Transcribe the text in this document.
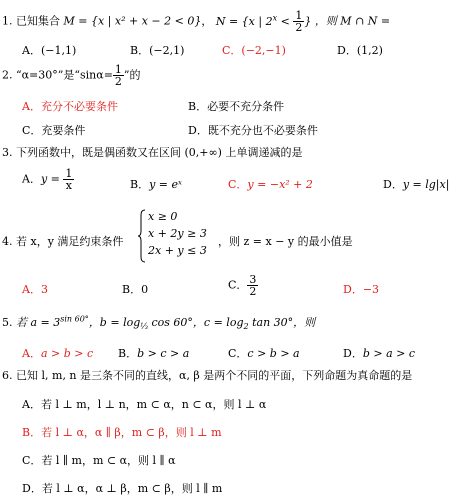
1. 已知集合 M = {x | x² + x − 2 < 0}， N = {x | $2^x < \frac{1}{2}$ } ，则 M ∩ N =
A．(−1,1)	B．(−2,1)	C．(−2,−1)	D．(1,2)
2. “α=30°”是“$\sin\alpha= \frac{1}{2}$ ”的
A．充分不必要条件	B．必要不充分条件
C．充要条件	D．既不充分也不必要条件
3. 下列函数中，既是偶函数又在区间 (0,+∞) 上单调递减的是
A．$y = \frac{1}{x}$	B．y = eˣ	C．y = −x² + 2	D．y = lg|x|
4. 若 x，y 满足约束条件
x ≥ 0
x + 2y ≥ 3
2x + y ≤ 3
，则 z = x − y 的最小值是
A．3	B．0	C． $\frac{3}{2}$	D．−3
5. 若 $a = 3^{sin 60^\circ}$，$b = \log_{\frac{1}{3}} \cos 60^\circ$，$c = \log_2 \tan 30^\circ$，则
A．a > b > c B．b > c > a	C．c > b > a	D．b > a > c
6. 已知 l, m, n 是三条不同的直线，α, β 是两个不同的平面，下列命题为真命题的是
A．若 l ⊥ m，l ⊥ n，m ⊂ α，n ⊂ α，则 l ⊥ α
B．若 l ⊥ α，α ∥ β，m ⊂ β，则 l ⊥ m
C．若 l ∥ m，m ⊂ α，则 l ∥ α
D．若 l ⊥ α，α ⊥ β，m ⊂ β，则 l ∥ m
